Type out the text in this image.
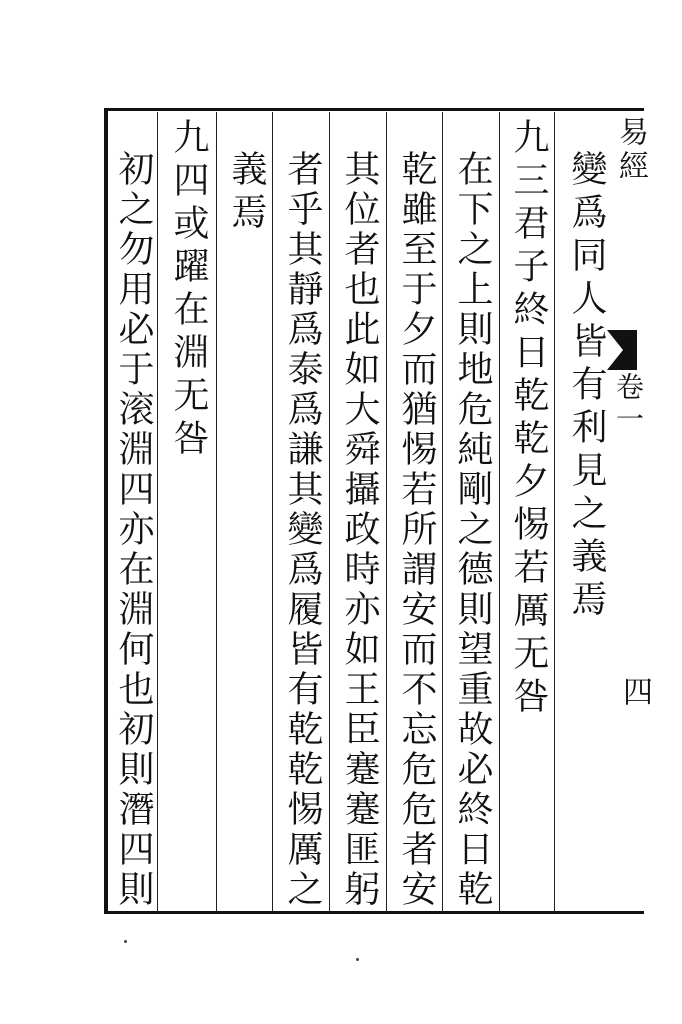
易經
卷一
四
變爲同人皆有利見之義焉
九三君子終日乾乾夕惕若厲无咎
在下之上則地危純剛之德則望重故必終日乾
乾雖至于夕而猶惕若所謂安而不忘危危者安
其位者也此如大舜攝政時亦如王臣蹇蹇匪躬
者乎其靜爲泰爲謙其變爲履皆有乾乾惕厲之
義焉
九四或躍在淵无咎
初之勿用必于滚淵四亦在淵何也初則潛四則
